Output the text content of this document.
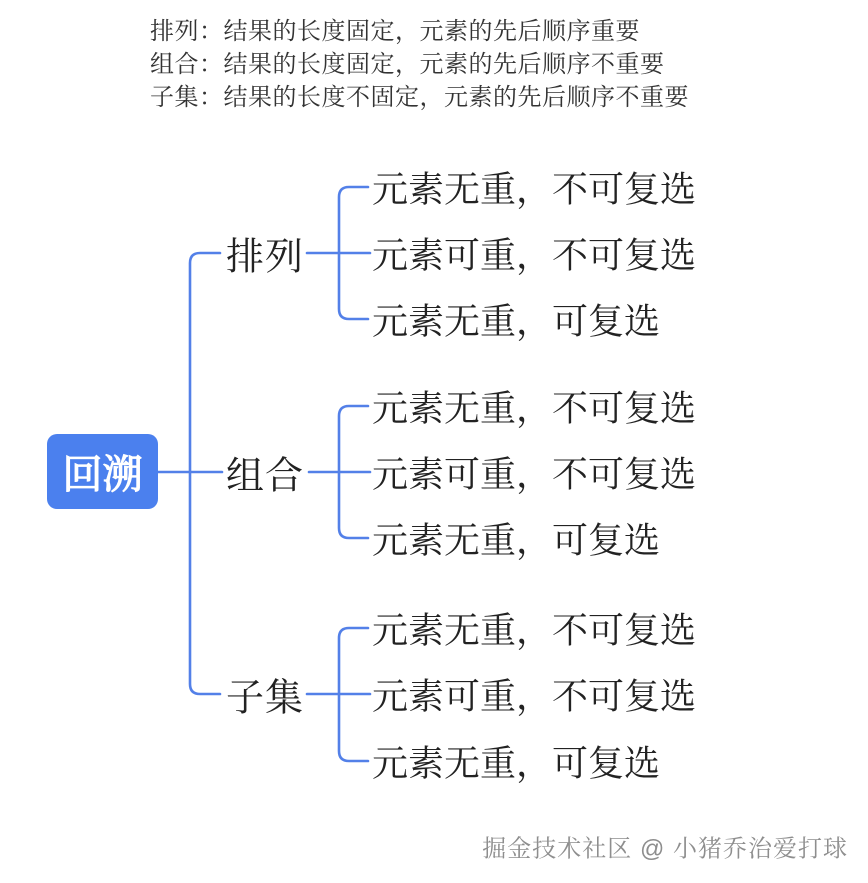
排列：结果的长度固定，元素的先后顺序重要

组合：结果的长度固定，元素的先后顺序不重要

子集：结果的长度不固定，元素的先后顺序不重要

回溯
排列
组合
子集
元素无重，不可复选
元素可重，不可复选
元素无重，可复选
元素无重，不可复选
元素可重，不可复选
元素无重，可复选
元素无重，不可复选
元素可重，不可复选
元素无重，可复选
掘金技术社区 @ 小猪乔治爱打球
